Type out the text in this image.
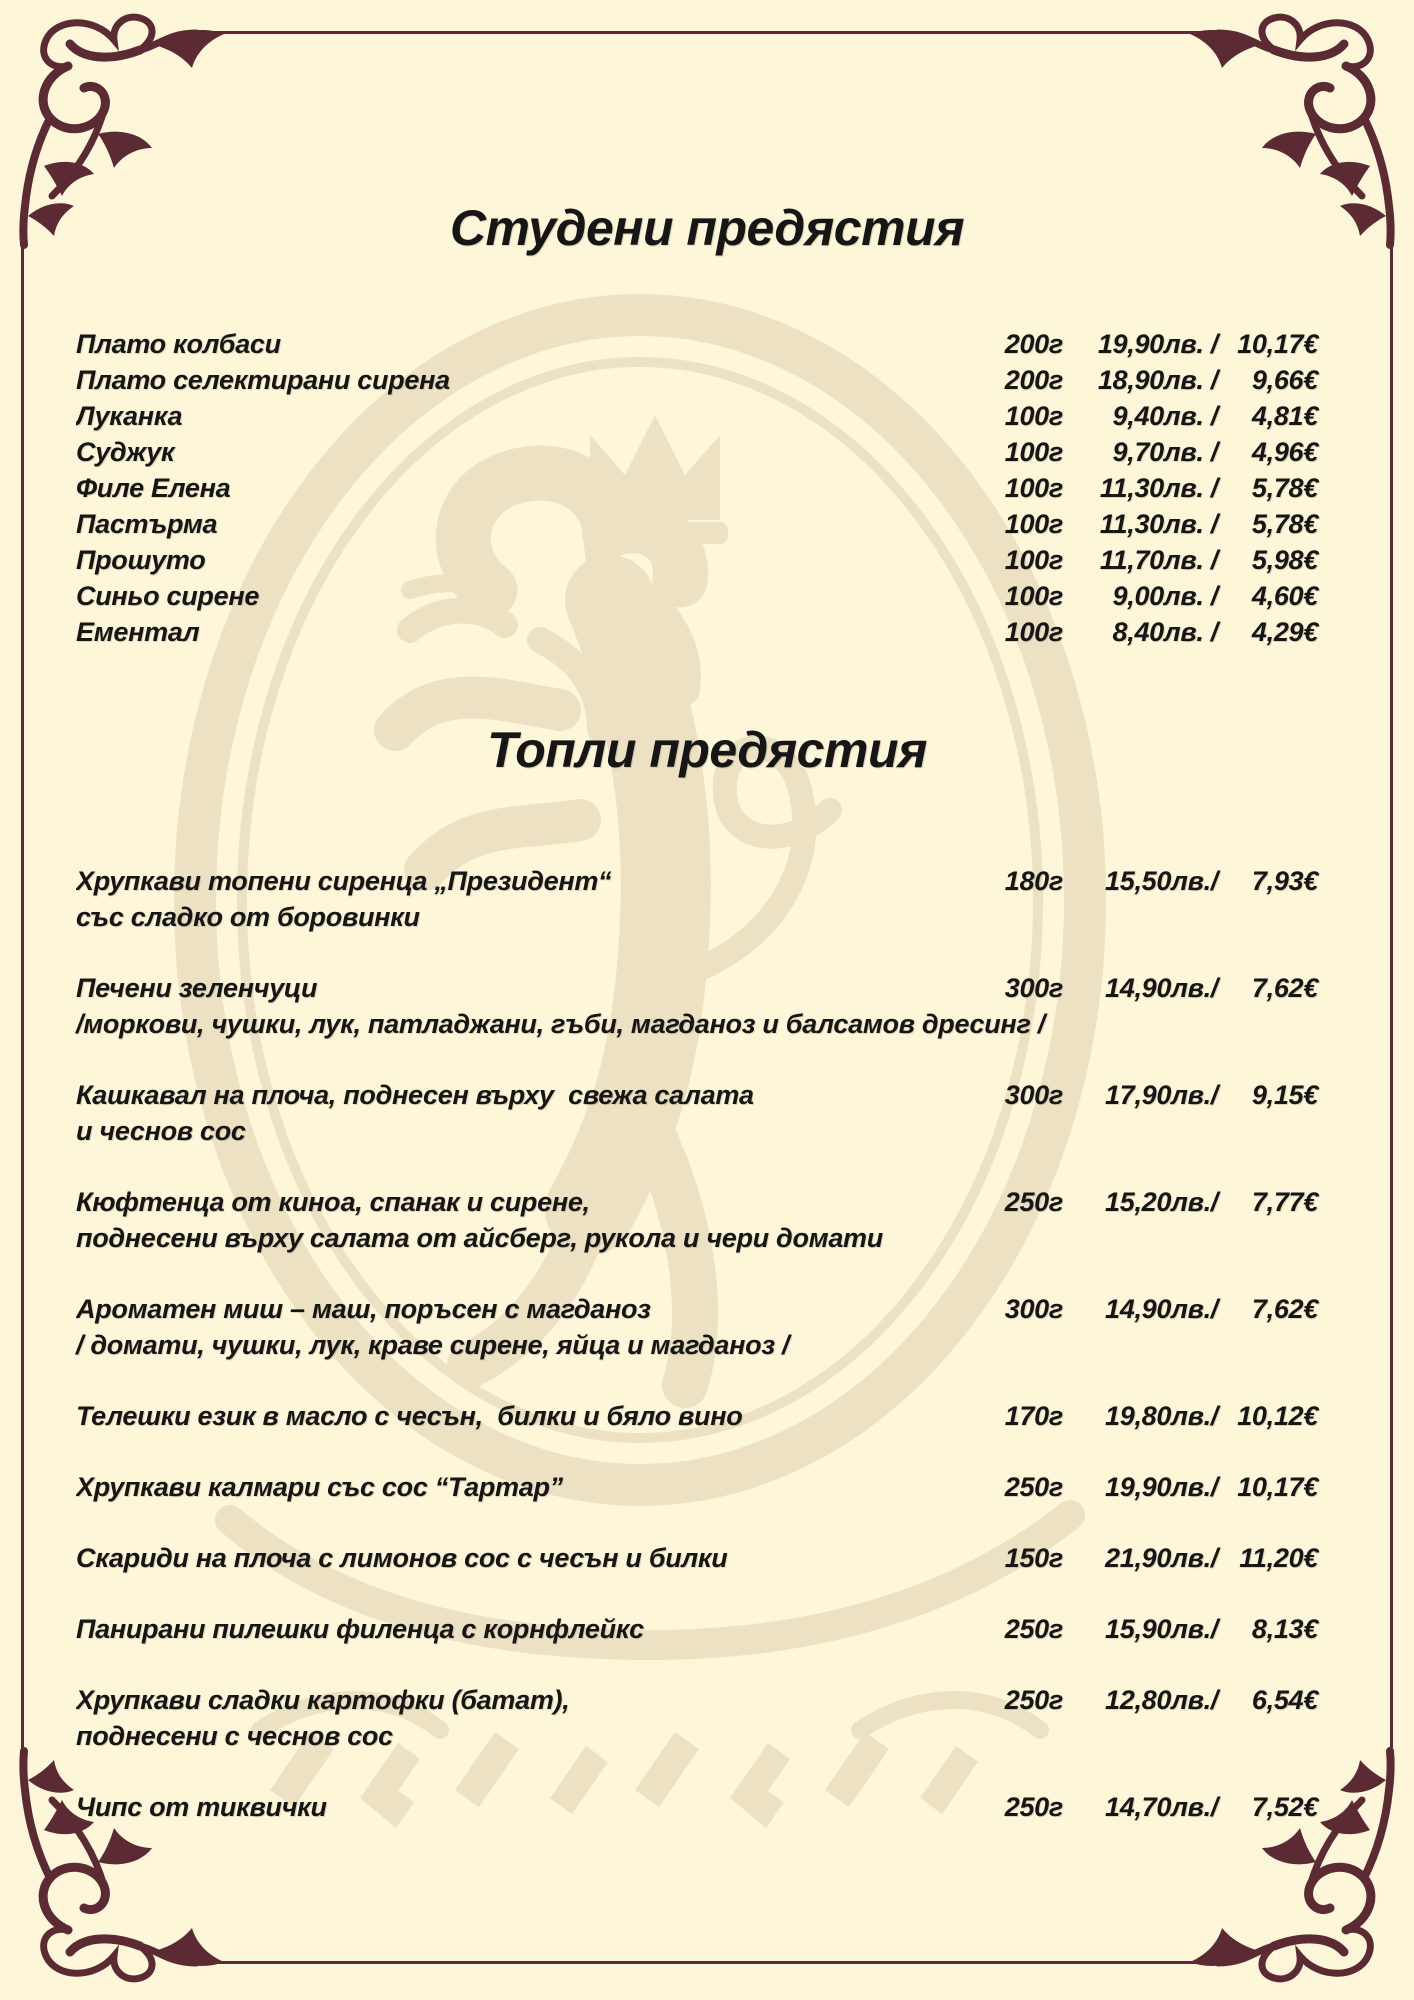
Студени предястия
Топли предястия
Плато колбаси	200г	19,90лв. / 10,17€
Плато селектирани сирена	200г	18,90лв. /	9,66€
Луканка	100г	9,40лв. /	4,81€
Суджук	100г	9,70лв. /	4,96€
Филе Елена	100г	11,30лв. /	5,78€
Пастърма	100г	11,30лв. /	5,78€
Прошуто	100г	11,70лв. /	5,98€
Синьо сирене	100г	9,00лв. /	4,60€
Ементал	100г	8,40лв. /	4,29€
Хрупкави топени сиренца „Президент“	180г	15,50лв./	7,93€
със сладко от боровинки
Печени зеленчуци	300г	14,90лв./	7,62€
/моркови, чушки, лук, патладжани, гъби, магданоз и балсамов дресинг /
Кашкавал на плоча, поднесен върху  свежа салата	300г	17,90лв./	9,15€
и чеснов сос
Кюфтенца от киноа, спанак и сирене,	250г	15,20лв./	7,77€
поднесени върху салата от айсберг, рукола и чери домати
Ароматен миш – маш, поръсен с магданоз	300г	14,90лв./	7,62€
/ домати, чушки, лук, краве сирене, яйца и магданоз /
Телешки език в масло с чесън,  билки и бяло вино	170г	19,80лв./ 10,12€
Хрупкави калмари със сос “Тартар”	250г	19,90лв./ 10,17€
Скариди на плоча с лимонов сос с чесън и билки	150г	21,90лв./ 11,20€
Панирани пилешки филенца с корнфлейкс	250г	15,90лв./	8,13€
Хрупкави сладки картофки (батат),	250г	12,80лв./	6,54€
поднесени с чеснов сос
Чипс от тиквички	250г	14,70лв./	7,52€
